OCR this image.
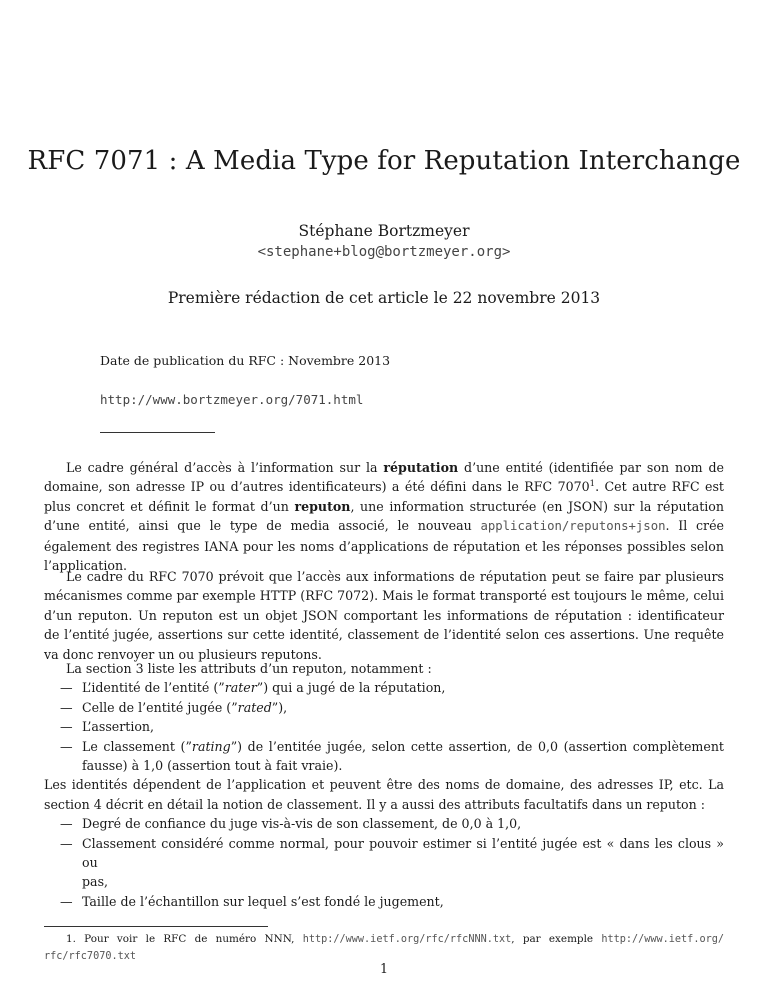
RFC 7071 : A Media Type for Reputation Interchange
Stéphane Bortzmeyer
<stephane+blog@bortzmeyer.org>
Première rédaction de cet article le 22 novembre 2013
Date de publication du RFC : Novembre 2013
http://www.bortzmeyer.org/7071.html
Le cadre général d’accès à l’information sur la réputation d’une entité (identifiée par son nom de
domaine, son adresse IP ou d’autres identificateurs) a été défini dans le RFC 7070$^1$. Cet autre RFC est
plus concret et définit le format d’un reputon, une information structurée (en JSON) sur la réputation
d’une entité, ainsi que le type de media associé, le nouveau application/reputons+json. Il crée
également des registres IANA pour les noms d’applications de réputation et les réponses possibles selon
l’application.
Le cadre du RFC 7070 prévoit que l’accès aux informations de réputation peut se faire par plusieurs
mécanismes comme par exemple HTTP (RFC 7072). Mais le format transporté est toujours le même, celui
d’un reputon. Un reputon est un objet JSON comportant les informations de réputation : identificateur
de l’entité jugée, assertions sur cette identité, classement de l’identité selon ces assertions. Une requête
va donc renvoyer un ou plusieurs reputons.
La section 3 liste les attributs d’un reputon, notamment :
— L’identité de l’entité (”rater”) qui a jugé de la réputation,
— Celle de l’entité jugée (”rated”),
— L’assertion,
— Le classement (”rating”) de l’entitée jugée, selon cette assertion, de 0,0 (assertion complètement
fausse) à 1,0 (assertion tout à fait vraie).
Les identités dépendent de l’application et peuvent être des noms de domaine, des adresses IP, etc. La
section 4 décrit en détail la notion de classement. Il y a aussi des attributs facultatifs dans un reputon :
— Degré de confiance du juge vis-à-vis de son classement, de 0,0 à 1,0,
— Classement considéré comme normal, pour pouvoir estimer si l’entité jugée est « dans les clous » ou
pas,
— Taille de l’échantillon sur lequel s’est fondé le jugement,
1. Pour voir le RFC de numéro NNN, http://www.ietf.org/rfc/rfcNNN.txt, par exemple http://www.ietf.org/
rfc/rfc7070.txt
1
